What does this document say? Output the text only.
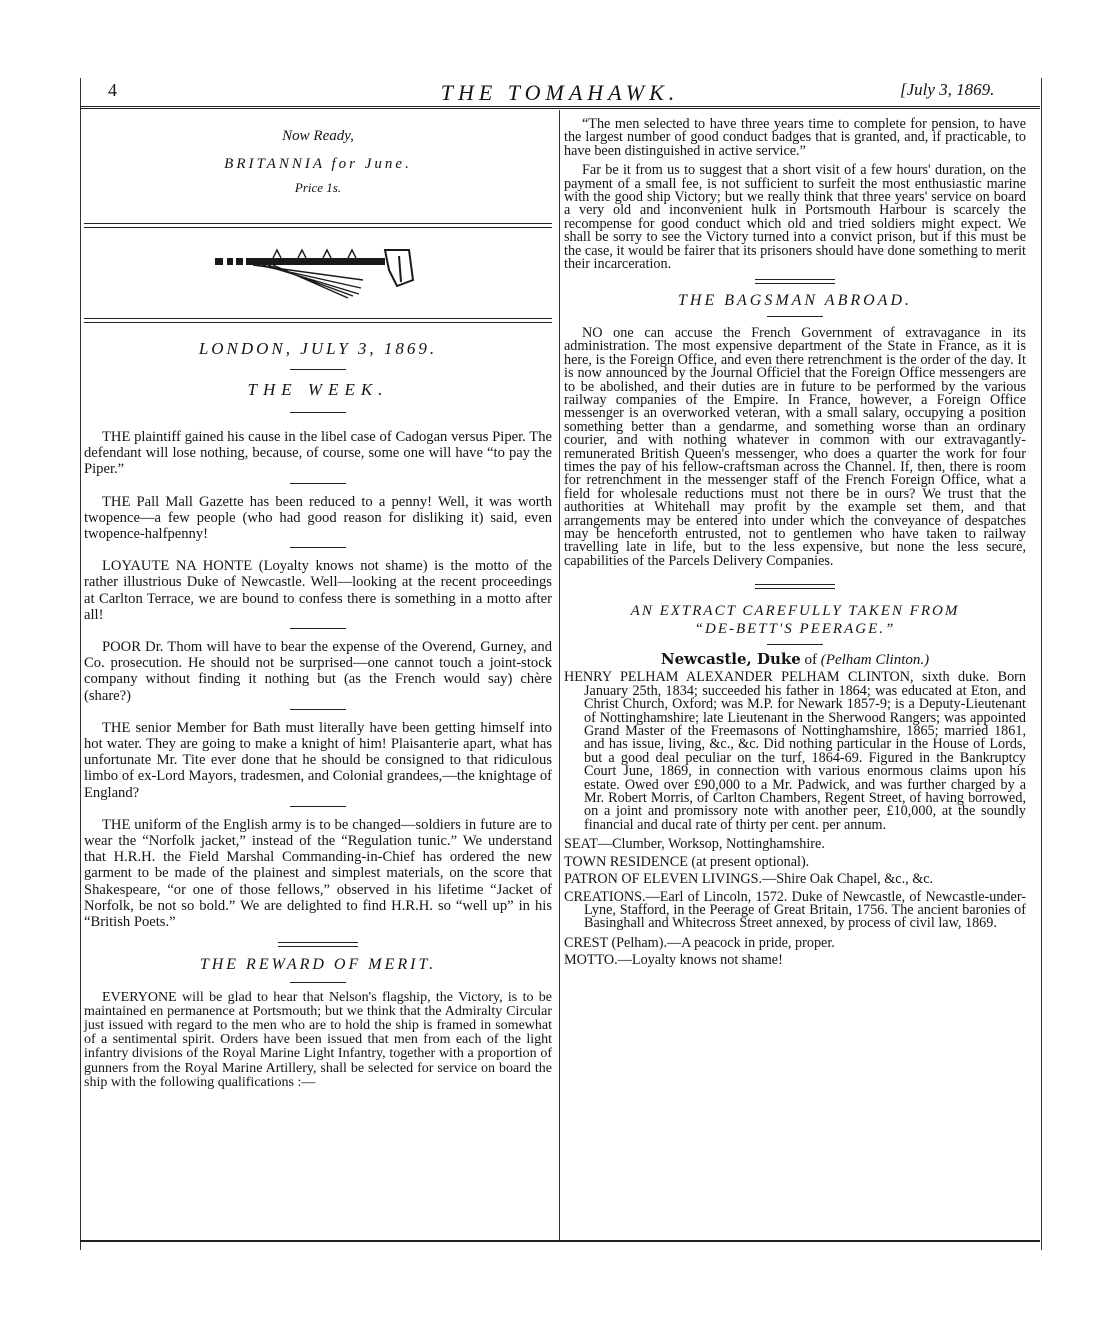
4	THE TOMAHAWK.	[July 3, 1869.
Now Ready,
BRITANNIA for June.
Price 1s.
LONDON, JULY 3, 1869.
THE WEEK.

THE plaintiff gained his cause in the libel case of Cadogan versus Piper. The defendant will lose nothing, because, of course, some one will have “to pay the Piper.”

THE Pall Mall Gazette has been reduced to a penny! Well, it was worth twopence—a few people (who had good reason for disliking it) said, even twopence-halfpenny!

LOYAUTE NA HONTE (Loyalty knows not shame) is the motto of the rather illustrious Duke of Newcastle. Well—looking at the recent proceedings at Carlton Terrace, we are bound to confess there is something in a motto after all!

POOR Dr. Thom will have to bear the expense of the Overend, Gurney, and Co. prosecution. He should not be surprised—one cannot touch a joint-stock company without finding it nothing but (as the French would say) chère (share?)

THE senior Member for Bath must literally have been getting himself into hot water. They are going to make a knight of him! Plaisanterie apart, what has unfortunate Mr. Tite ever done that he should be consigned to that ridiculous limbo of ex-Lord Mayors, tradesmen, and Colonial grandees,—the knightage of England?

THE uniform of the English army is to be changed—soldiers in future are to wear the “Norfolk jacket,” instead of the “Regulation tunic.” We understand that H.R.H. the Field Marshal Commanding-in-Chief has ordered the new garment to be made of the plainest and simplest materials, on the score that Shakespeare, “or one of those fellows,” observed in his lifetime “Jacket of Norfolk, be not so bold.” We are delighted to find H.R.H. so “well up” in his “British Poets.”

THE REWARD OF MERIT.

EVERYONE will be glad to hear that Nelson's flagship, the Victory, is to be maintained en permanence at Portsmouth; but we think that the Admiralty Circular just issued with regard to the men who are to hold the ship is framed in somewhat of a sentimental spirit. Orders have been issued that men from each of the light infantry divisions of the Royal Marine Light Infantry, together with a proportion of gunners from the Royal Marine Artillery, shall be selected for service on board the ship with the following qualifications :—

“The men selected to have three years time to complete for pension, to have the largest number of good conduct badges that is granted, and, if practicable, to have been distinguished in active service.”

Far be it from us to suggest that a short visit of a few hours' duration, on the payment of a small fee, is not sufficient to surfeit the most enthusiastic marine with the good ship Victory; but we really think that three years' service on board a very old and inconvenient hulk in Portsmouth Harbour is scarcely the recompense for good conduct which old and tried soldiers might expect. We shall be sorry to see the Victory turned into a convict prison, but if this must be the case, it would be fairer that its prisoners should have done something to merit their incarceration.

THE BAGSMAN ABROAD.

NO one can accuse the French Government of extravagance in its administration. The most expensive department of the State in France, as it is here, is the Foreign Office, and even there retrenchment is the order of the day. It is now announced by the Journal Officiel that the Foreign Office messengers are to be abolished, and their duties are in future to be performed by the various railway companies of the Empire. In France, however, a Foreign Office messenger is an overworked veteran, with a small salary, occupying a position something better than a gendarme, and something worse than an ordinary courier, and with nothing whatever in common with our extravagantly-remunerated British Queen's messenger, who does a quarter the work for four times the pay of his fellow-craftsman across the Channel. If, then, there is room for retrenchment in the messenger staff of the French Foreign Office, what a field for wholesale reductions must not there be in ours? We trust that the authorities at Whitehall may profit by the example set them, and that arrangements may be entered into under which the conveyance of despatches may be henceforth entrusted, not to gentlemen who have taken to railway travelling late in life, but to the less expensive, but none the less secure, capabilities of the Parcels Delivery Companies.

AN EXTRACT CAREFULLY TAKEN FROM
“DE-BETT'S PEERAGE.”
Newcastle, Duke of (Pelham Clinton.)
HENRY PELHAM ALEXANDER PELHAM CLINTON, sixth duke. Born January 25th, 1834; succeeded his father in 1864; was educated at Eton, and Christ Church, Oxford; was M.P. for Newark 1857-9; is a Deputy-Lieutenant of Nottinghamshire; late Lieutenant in the Sherwood Rangers; was appointed Grand Master of the Freemasons of Nottinghamshire, 1865; married 1861, and has issue, living, &c., &c. Did nothing particular in the House of Lords, but a good deal peculiar on the turf, 1864-69. Figured in the Bankruptcy Court June, 1869, in connection with various enormous claims upon his estate. Owed over £90,000 to a Mr. Padwick, and was further charged by a Mr. Robert Morris, of Carlton Chambers, Regent Street, of having borrowed, on a joint and promissory note with another peer, £10,000, at the soundly financial and ducal rate of thirty per cent. per annum.
SEAT—Clumber, Worksop, Nottinghamshire.
TOWN RESIDENCE (at present optional).
PATRON OF ELEVEN LIVINGS.—Shire Oak Chapel, &c., &c.
CREATIONS.—Earl of Lincoln, 1572. Duke of Newcastle, of Newcastle-under-Lyne, Stafford, in the Peerage of Great Britain, 1756. The ancient baronies of Basinghall and Whitecross Street annexed, by process of civil law, 1869.
CREST (Pelham).—A peacock in pride, proper.
MOTTO.—Loyalty knows not shame!
